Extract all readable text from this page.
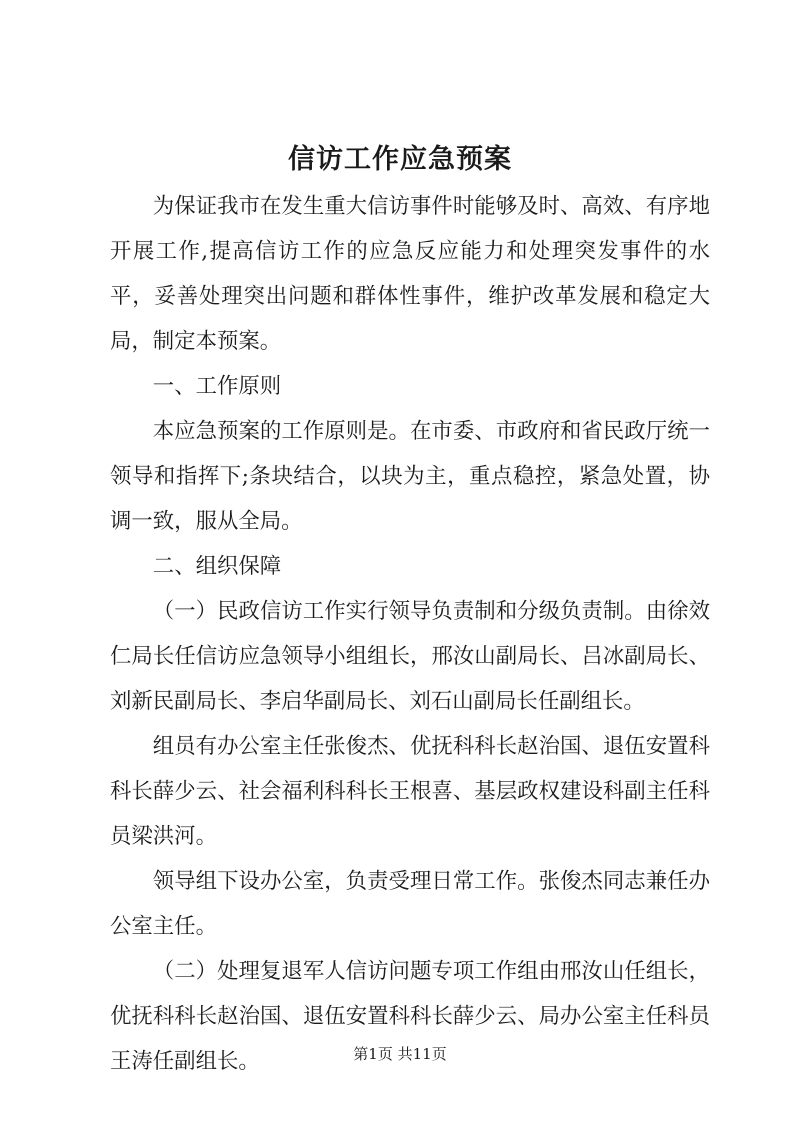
信访工作应急预案

为保证我市在发生重大信访事件时能够及时、高效、有序地开展工作,提高信访工作的应急反应能力和处理突发事件的水平，妥善处理突出问题和群体性事件，维护改革发展和稳定大局，制定本预案。

一、工作原则

本应急预案的工作原则是。在市委、市政府和省民政厅统一领导和指挥下;条块结合，以块为主，重点稳控，紧急处置，协调一致，服从全局。

二、组织保障

（一）民政信访工作实行领导负责制和分级负责制。由徐效仁局长任信访应急领导小组组长，邢汝山副局长、吕冰副局长、刘新民副局长、李启华副局长、刘石山副局长任副组长。

组员有办公室主任张俊杰、优抚科科长赵治国、退伍安置科科长薛少云、社会福利科科长王根喜、基层政权建设科副主任科员梁洪河。

领导组下设办公室，负责受理日常工作。张俊杰同志兼任办公室主任。

（二）处理复退军人信访问题专项工作组由邢汝山任组长，优抚科科长赵治国、退伍安置科科长薛少云、局办公室主任科员王涛任副组长。	第1页 共11页
